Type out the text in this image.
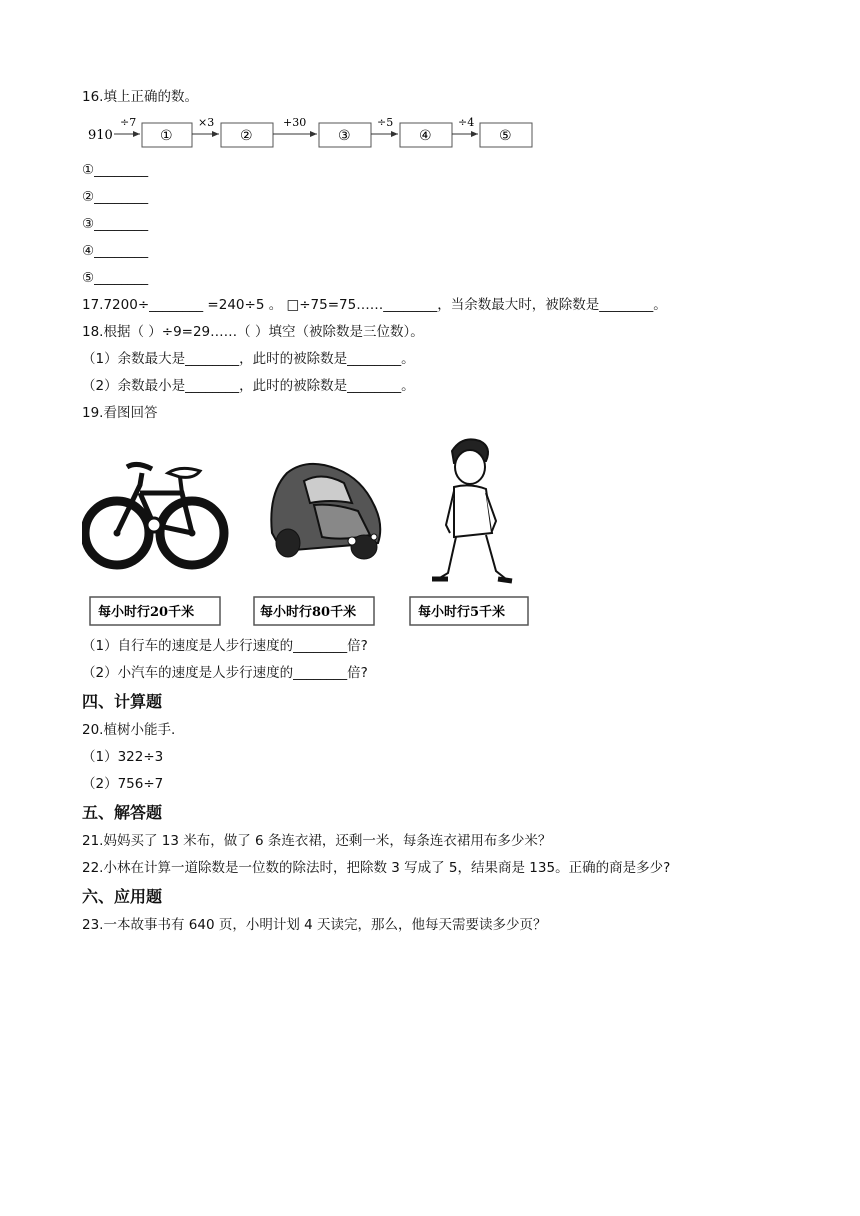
16.填上正确的数。
910
÷7
①
×3
②
+30
③
÷5
④
÷4
⑤
①________
②________
③________
④________
⑤________
17.7200÷________ =240÷5 。 □÷75=75……________，当余数最大时，被除数是________。
18.根据（ ）÷9=29……（ ）填空（被除数是三位数）。
（1）余数最大是________，此时的被除数是________。
（2）余数最小是________，此时的被除数是________。
19.看图回答
每小时行20千米	每小时行80千米	每小时行5千米
（1）自行车的速度是人步行速度的________倍?
（2）小汽车的速度是人步行速度的________倍?
四、计算题
20.植树小能手.
（1）322÷3
（2）756÷7
五、解答题
21.妈妈买了 13 米布，做了 6 条连衣裙，还剩一米，每条连衣裙用布多少米？
22.小林在计算一道除数是一位数的除法时，把除数 3 写成了 5，结果商是 135。正确的商是多少?
六、应用题
23.一本故事书有 640 页，小明计划 4 天读完，那么，他每天需要读多少页？
